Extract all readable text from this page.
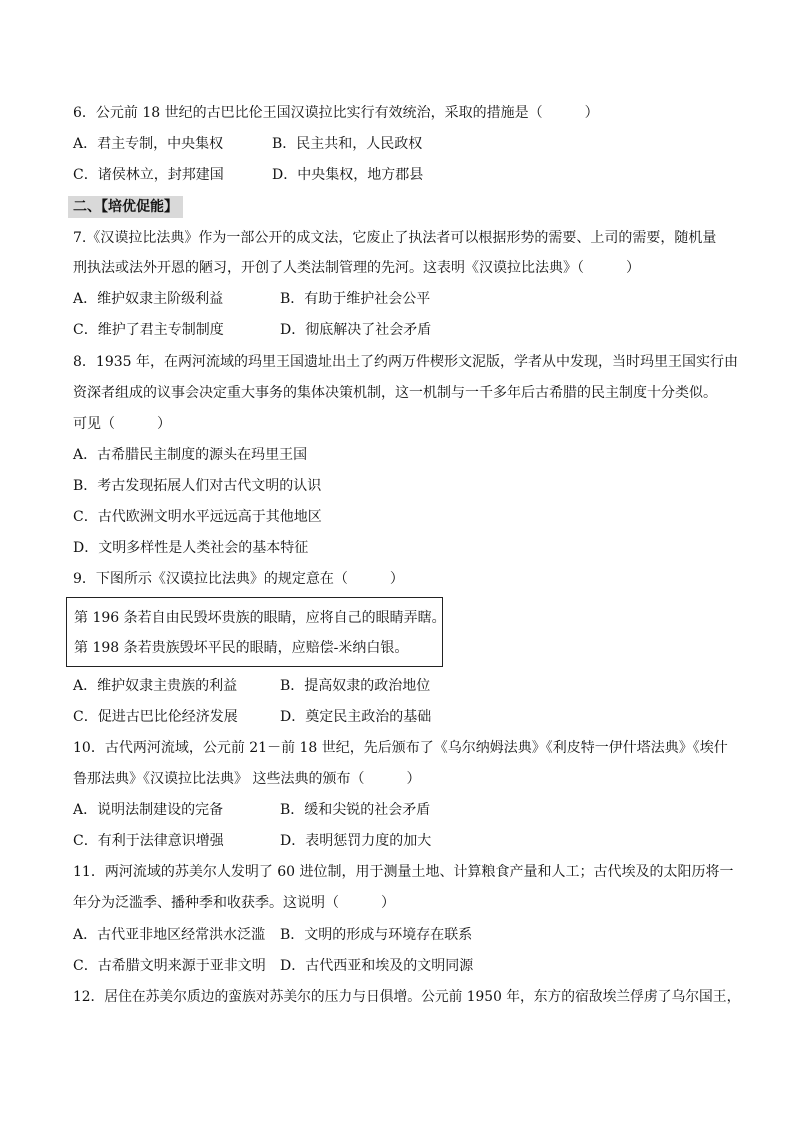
6．公元前 18 世纪的古巴比伦王国汉谟拉比实行有效统治，采取的措施是（　　　）
A．君主专制，中央集权	B．民主共和，人民政权
C．诸侯林立，封邦建国	D．中央集权，地方郡县
二、【培优促能】
7.《汉谟拉比法典》作为一部公开的成文法，它废止了执法者可以根据形势的需要、上司的需要，随机量
刑执法或法外开恩的陋习，开创了人类法制管理的先河。这表明《汉谟拉比法典》（　　　）
A．维护奴隶主阶级利益	B．有助于维护社会公平
C．维护了君主专制制度	D．彻底解决了社会矛盾
8．1935 年，在两河流域的玛里王国遗址出土了约两万件楔形文泥版，学者从中发现，当时玛里王国实行由
资深者组成的议事会决定重大事务的集体决策机制，这一机制与一千多年后古希腊的民主制度十分类似。
可见（　　　）
A．古希腊民主制度的源头在玛里王国
B．考古发现拓展人们对古代文明的认识
C．古代欧洲文明水平远远高于其他地区
D．文明多样性是人类社会的基本特征
9．下图所示《汉谟拉比法典》的规定意在（　　　）
第 196 条若自由民毁坏贵族的眼睛，应将自己的眼睛弄瞎。
第 198 条若贵族毁坏平民的眼睛，应赔偿-米纳白银。
A．维护奴隶主贵族的利益	B．提高奴隶的政治地位
C．促进古巴比伦经济发展	D．奠定民主政治的基础
10．古代两河流域，公元前 21－前 18 世纪，先后颁布了《乌尔纳姆法典》《利皮特一伊什塔法典》《埃什
鲁那法典》《汉谟拉比法典》 这些法典的颁布（　　　）
A．说明法制建设的完备	B．缓和尖锐的社会矛盾
C．有利于法律意识增强	D．表明惩罚力度的加大
11．两河流域的苏美尔人发明了 60 进位制，用于测量土地、计算粮食产量和人工；古代埃及的太阳历将一
年分为泛滥季、播种季和收获季。这说明（　　　）
A．古代亚非地区经常洪水泛滥 B．文明的形成与环境存在联系
C．古希腊文明来源于亚非文明 D．古代西亚和埃及的文明同源
12．居住在苏美尔质边的蛮族对苏美尔的压力与日俱增。公元前 1950 年，东方的宿敌埃兰俘虏了乌尔国王，
